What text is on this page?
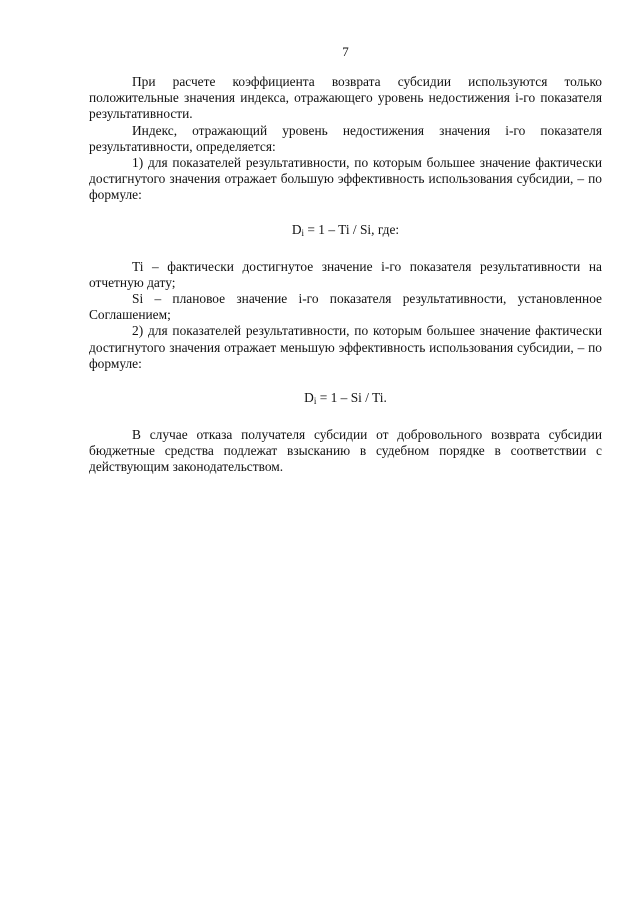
7

При расчете коэффициента возврата субсидии используются только положительные значения индекса, отражающего уровень недостижения i-го показателя результативности.

Индекс, отражающий уровень недостижения значения i-го показателя результативности, определяется:

1) для показателей результативности, по которым большее значение фактически достигнутого значения отражает большую эффективность использования субсидии, – по формуле:

$D_i = 1 - Ti / Si$, где:

Ti – фактически достигнутое значение i-го показателя результативности на отчетную дату;

Si – плановое значение i-го показателя результативности, установленное Соглашением;

2) для показателей результативности, по которым большее значение фактически достигнутого значения отражает меньшую эффективность использования субсидии, – по формуле:

$D_i = 1 - Si / Ti$.

В случае отказа получателя субсидии от добровольного возврата субсидии бюджетные средства подлежат взысканию в судебном порядке в соответствии с действующим законодательством.
